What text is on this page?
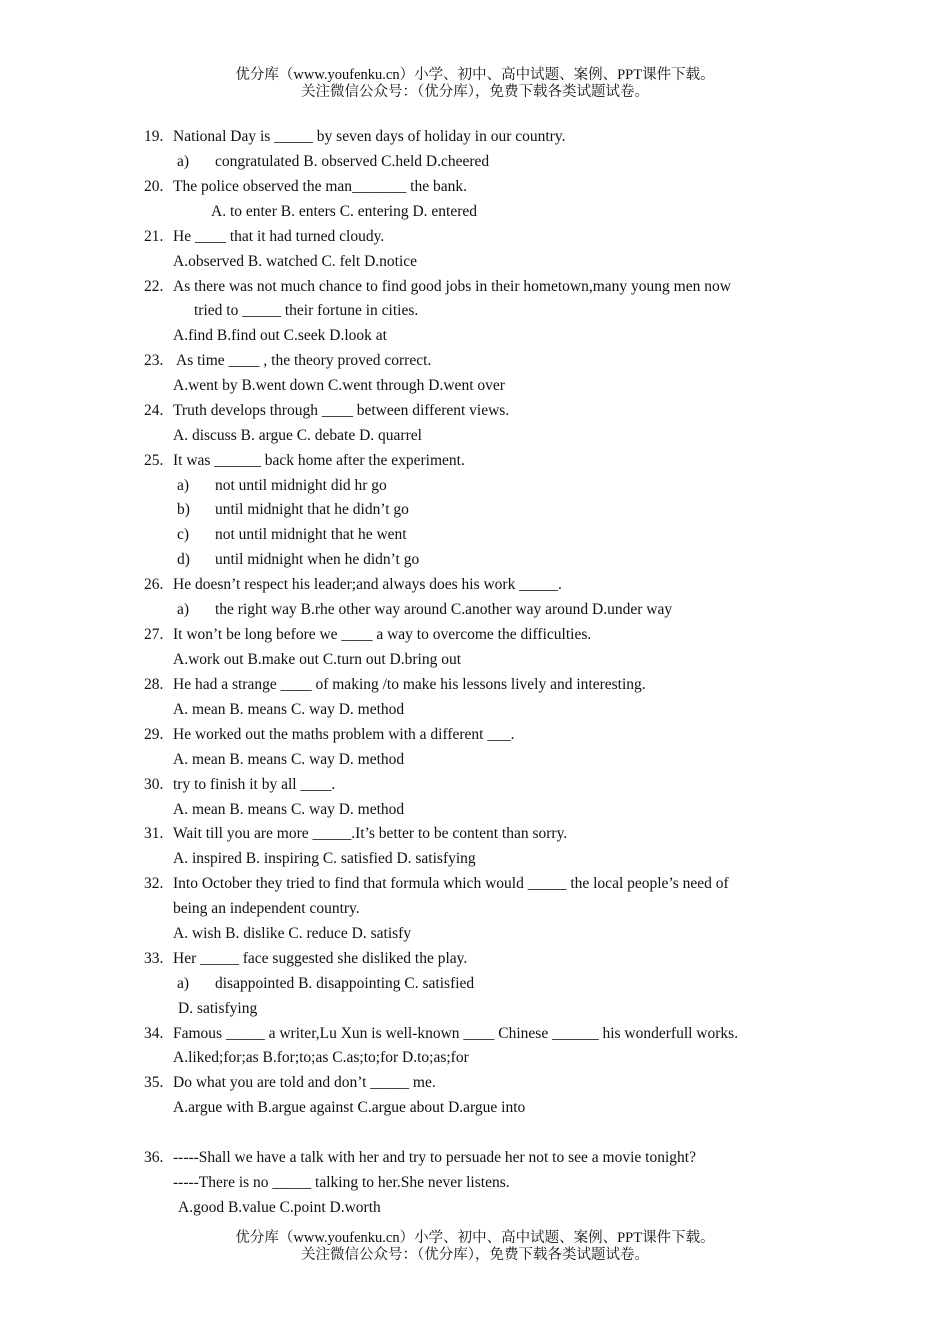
优分库（www.youfenku.cn）小学、初中、高中试题、案例、PPT课件下载。
关注微信公众号：（优分库），免费下载各类试题试卷。
19. National Day is _____ by seven days of holiday in our country.
a) congratulated B. observed C.held D.cheered
20. The police observed the man_______ the bank.
A. to enter B. enters C. entering D. entered
21. He ____ that it had turned cloudy.
A.observed B. watched C. felt D.notice
22. As there was not much chance to find good jobs in their hometown,many young men now
tried to _____ their fortune in cities.
A.find B.find out C.seek D.look at
23. As time ____ , the theory proved correct.
A.went by B.went down C.went through D.went over
24. Truth develops through ____ between different views.
A. discuss B. argue C. debate D. quarrel
25. It was ______ back home after the experiment.
a) not until midnight did hr go
b) until midnight that he didn’t go
c) not until midnight that he went
d) until midnight when he didn’t go
26. He doesn’t respect his leader;and always does his work _____.
a) the right way B.rhe other way around C.another way around D.under way
27. It won’t be long before we ____ a way to overcome the difficulties.
A.work out B.make out C.turn out D.bring out
28. He had a strange ____ of making /to make his lessons lively and interesting.
A. mean B. means C. way D. method
29. He worked out the maths problem with a different ___.
A. mean B. means C. way D. method
30. try to finish it by all ____.
A. mean B. means C. way D. method
31. Wait till you are more _____.It’s better to be content than sorry.
A. inspired B. inspiring C. satisfied D. satisfying
32. Into October they tried to find that formula which would _____ the local people’s need of
being an independent country.
A. wish B. dislike C. reduce D. satisfy
33. Her _____ face suggested she disliked the play.
a) disappointed B. disappointing C. satisfied
D. satisfying
34. Famous _____ a writer,Lu Xun is well-known ____ Chinese ______ his wonderfull works.
A.liked;for;as B.for;to;as C.as;to;for D.to;as;for
35. Do what you are told and don’t _____ me.
A.argue with B.argue against C.argue about D.argue into
36. -----Shall we have a talk with her and try to persuade her not to see a movie tonight?
-----There is no _____ talking to her.She never listens.
A.good B.value C.point D.worth
优分库（www.youfenku.cn）小学、初中、高中试题、案例、PPT课件下载。
关注微信公众号：（优分库），免费下载各类试题试卷。
